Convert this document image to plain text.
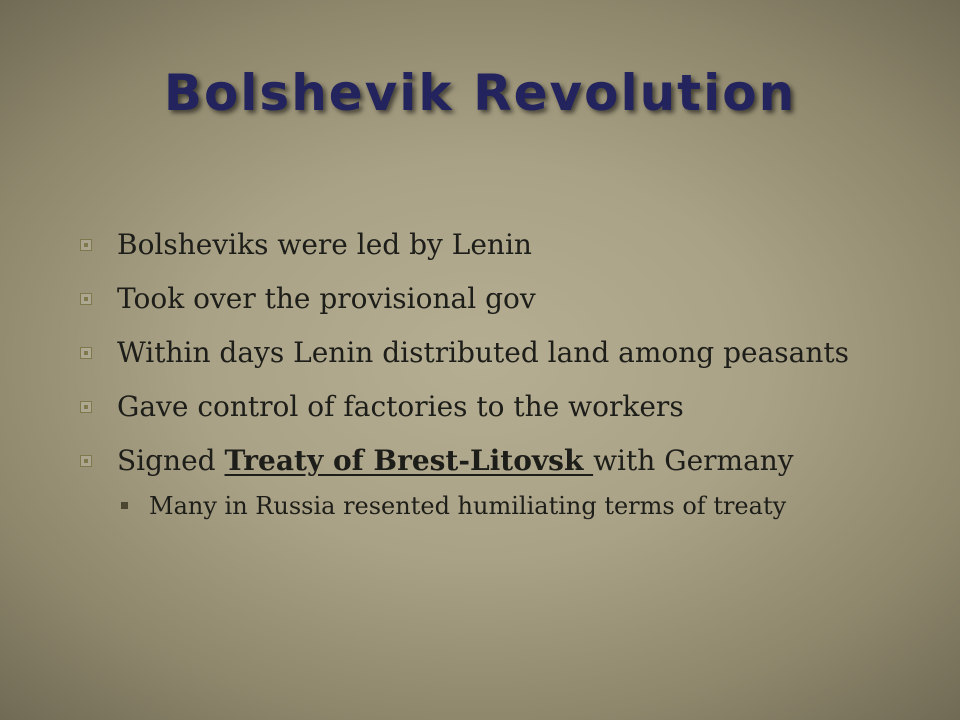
Bolshevik Revolution
Bolsheviks were led by Lenin
Took over the provisional gov
Within days Lenin distributed land among peasants
Gave control of factories to the workers
Signed Treaty of Brest-Litovsk with Germany
Many in Russia resented humiliating terms of treaty
